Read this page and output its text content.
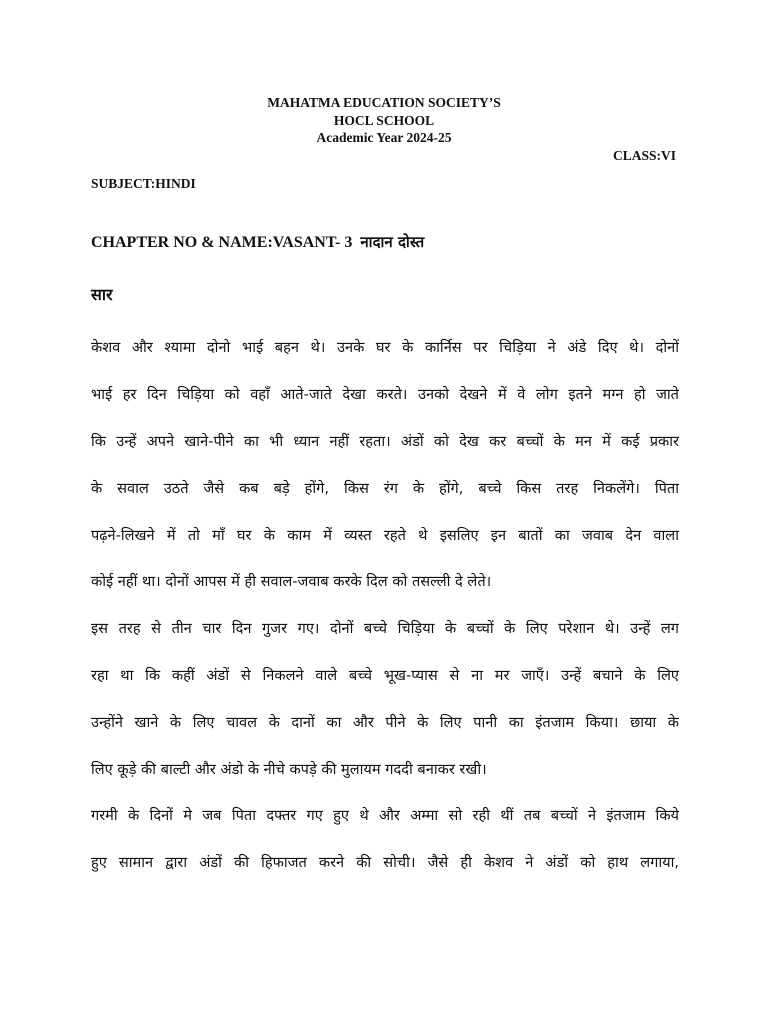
MAHATMA EDUCATION SOCIETY’S
HOCL SCHOOL
Academic Year 2024-25
CLASS:VI
SUBJECT:HINDI
CHAPTER NO & NAME:VASANT- 3 नादान दोस्त
सार
केशव और श्यामा दोनो भाई बहन थे। उनके घर के कार्निस पर चिड़िया ने अंडे दिए थे। दोनों
भाई हर दिन चिड़िया को वहाँ आते-जाते देखा करते। उनको देखने में वे लोग इतने मग्न हो जाते
कि उन्हें अपने खाने-पीने का भी ध्यान नहीं रहता। अंडों को देख कर बच्चों के मन में कई प्रकार
के सवाल उठते जैसे कब बड़े होंगे, किस रंग के होंगे, बच्चे किस तरह निकलेंगे। पिता
पढ़ने-लिखने में तो माँ घर के काम में व्यस्त रहते थे इसलिए इन बातों का जवाब देन वाला
कोई नहीं था। दोनों आपस में ही सवाल-जवाब करके दिल को तसल्ली दे लेते।
इस तरह से तीन चार दिन गुजर गए। दोनों बच्चे चिड़िया के बच्चों के लिए परेशान थे। उन्हें लग
रहा था कि कहीं अंडों से निकलने वाले बच्चे भूख-प्यास से ना मर जाएँ। उन्हें बचाने के लिए
उन्होंने खाने के लिए चावल के दानों का और पीने के लिए पानी का इंतजाम किया। छाया के
लिए कूड़े की बाल्टी और अंडो के नीचे कपड़े की मुलायम गददी बनाकर रखी।
गरमी के दिनों मे जब पिता दफ्तर गए हुए थे और अम्मा सो रही थीं तब बच्चों ने इंतजाम किये
हुए सामान द्वारा अंडों की हिफाजत करने की सोची। जैसे ही केशव ने अंडों को हाथ लगाया,
